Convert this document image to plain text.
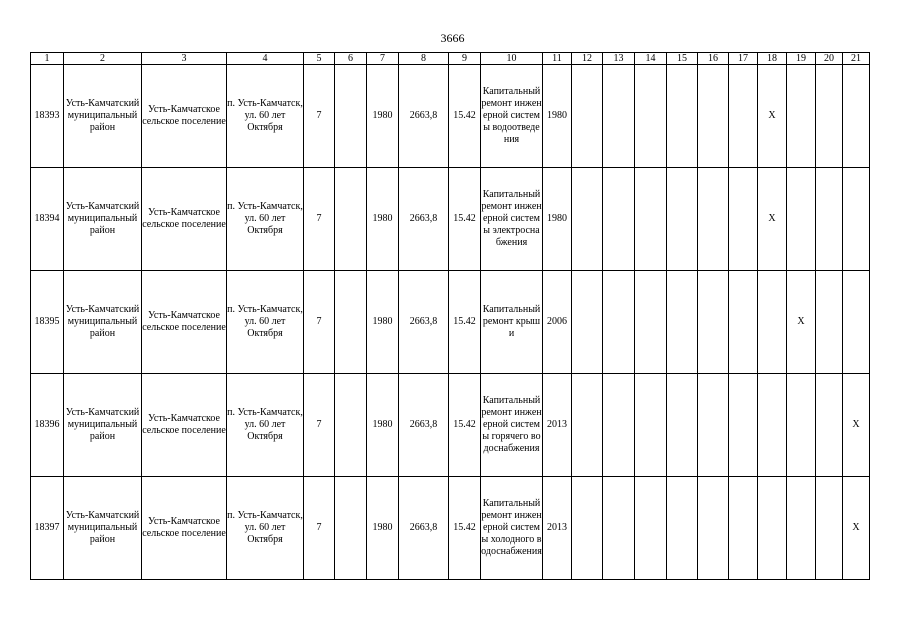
3666
1	2	3	4	5	6	7	8	9	10	11	12	13	14	15	16	17	18	19	20	21
18393	Усть-Камчатский муниципальный район	Усть-Камчатское сельское поселение	п. Усть-Камчатск, ул. 60 лет Октября	7		1980	2663,8	15.42	Капитальный ремонт инженерной системы водоотведения	1980							Х			
18394	Усть-Камчатский муниципальный район	Усть-Камчатское сельское поселение	п. Усть-Камчатск, ул. 60 лет Октября	7		1980	2663,8	15.42	Капитальный ремонт инженерной системы электроснабжения	1980							Х			
18395	Усть-Камчатский муниципальный район	Усть-Камчатское сельское поселение	п. Усть-Камчатск, ул. 60 лет Октября	7		1980	2663,8	15.42	Капитальный ремонт крыши	2006								Х		
18396	Усть-Камчатский муниципальный район	Усть-Камчатское сельское поселение	п. Усть-Камчатск, ул. 60 лет Октября	7		1980	2663,8	15.42	Капитальный ремонт инженерной системы горячего водоснабжения	2013										Х
18397	Усть-Камчатский муниципальный район	Усть-Камчатское сельское поселение	п. Усть-Камчатск, ул. 60 лет Октября	7		1980	2663,8	15.42	Капитальный ремонт инженерной системы холодного водоснабжения	2013										Х
